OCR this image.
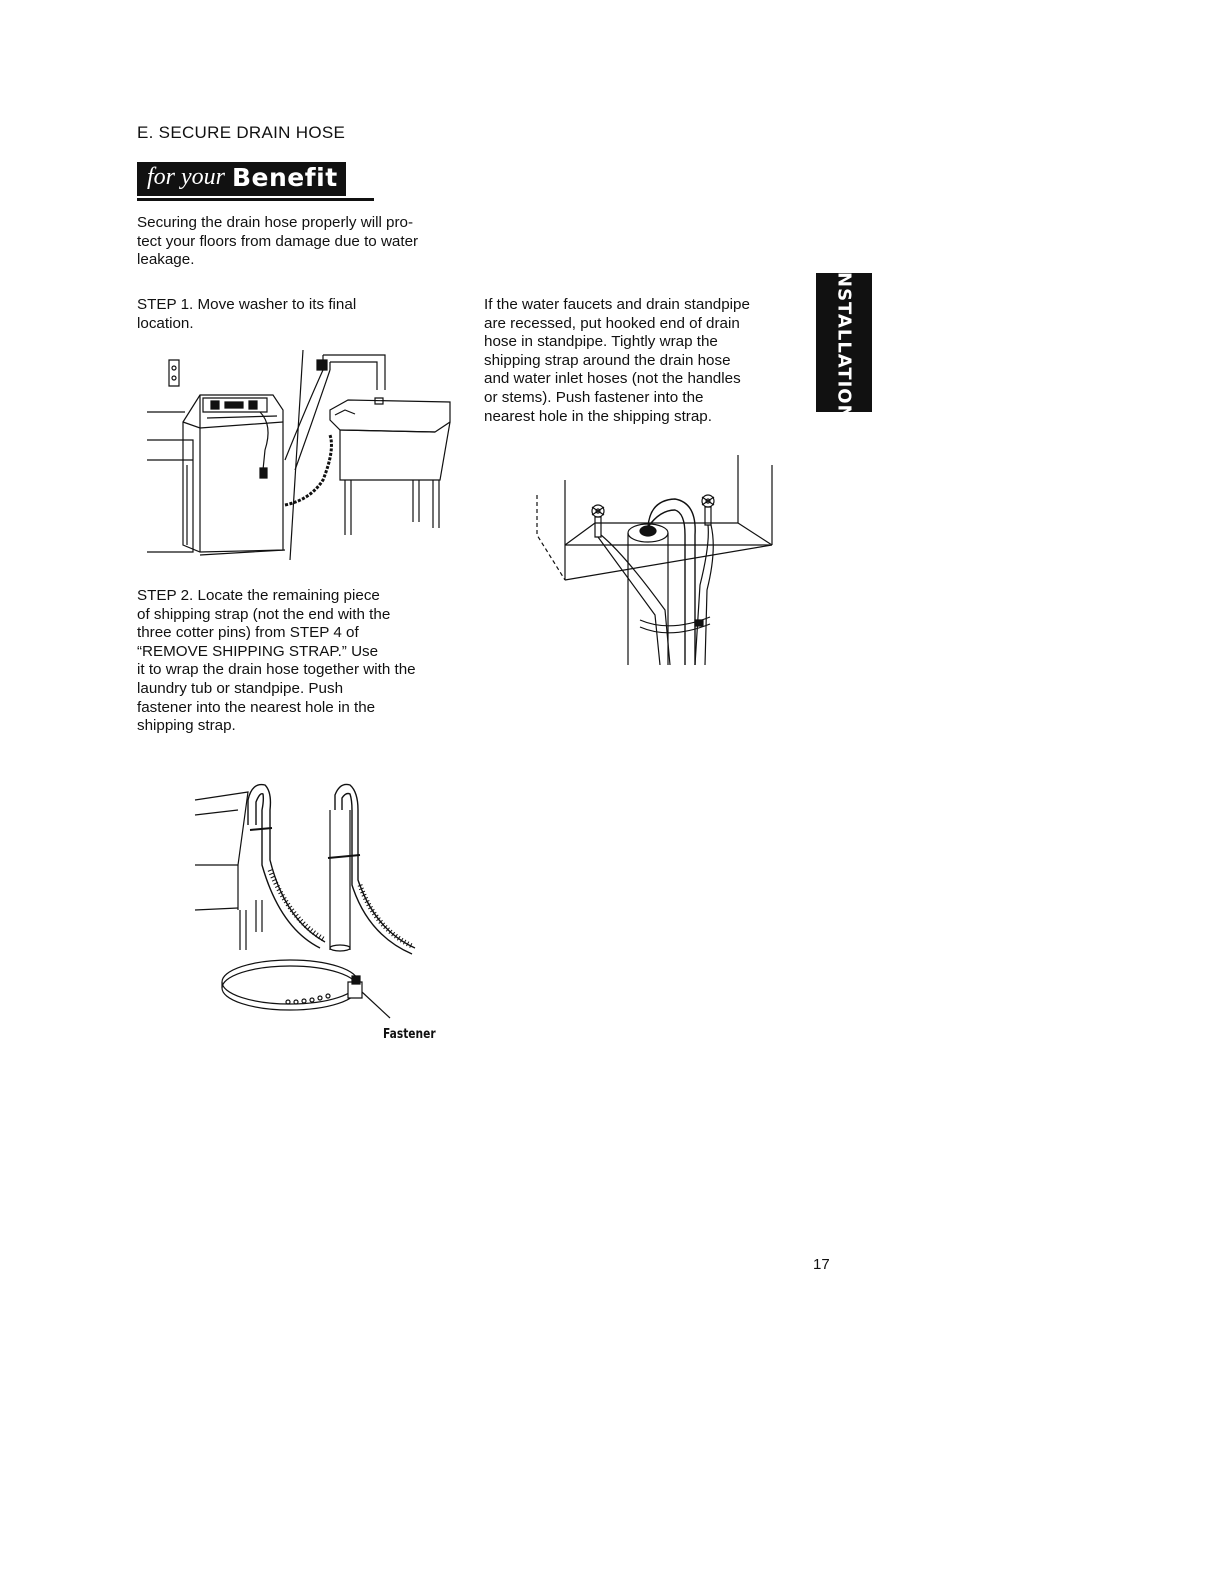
E. SECURE DRAIN HOSE
for your Benefit
Securing the drain hose properly will pro-
tect your floors from damage due to water
leakage.
STEP 1. Move washer to its final
location.
STEP 2. Locate the remaining piece
of shipping strap (not the end with the
three cotter pins) from STEP 4 of
“REMOVE SHIPPING STRAP.” Use
it to wrap the drain hose together with the
laundry tub or standpipe. Push
fastener into the nearest hole in the
shipping strap.
If the water faucets and drain standpipe
are recessed, put hooked end of drain
hose in standpipe. Tightly wrap the
shipping strap around the drain hose
and water inlet hoses (not the handles
or stems). Push fastener into the
nearest hole in the shipping strap.	INSTALLATION
Fastener
17
